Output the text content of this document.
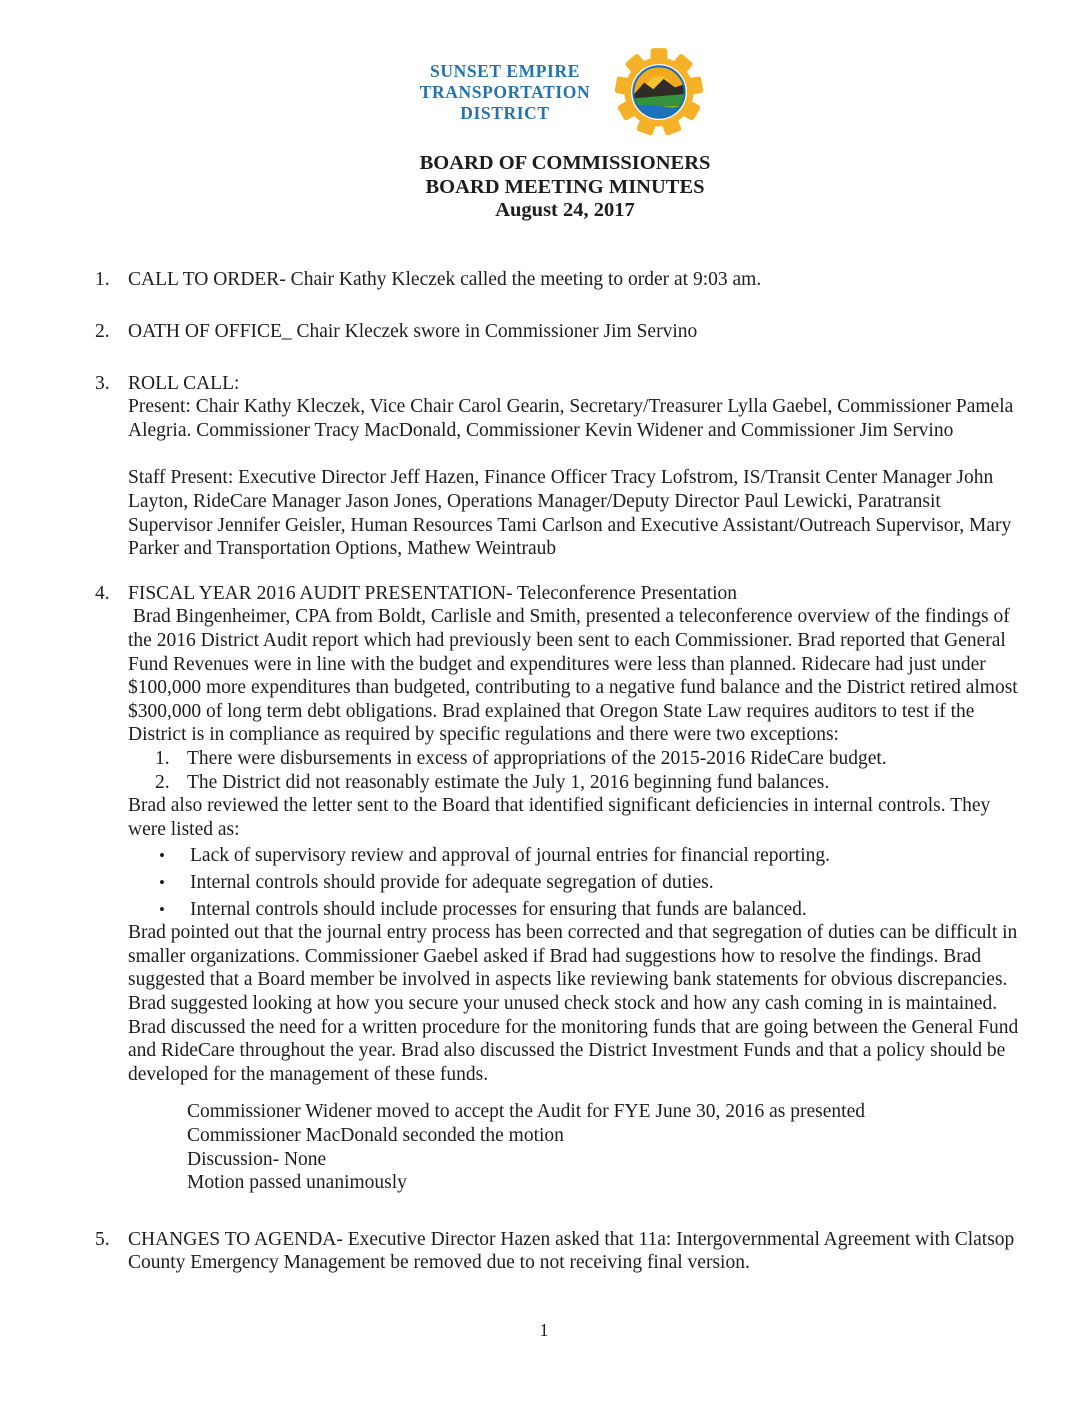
SUNSET EMPIRE
TRANSPORTATION
DISTRICT
BOARD OF COMMISSIONERS
BOARD MEETING MINUTES
August 24, 2017
1. CALL TO ORDER- Chair Kathy Kleczek called the meeting to order at 9:03 am.
2. OATH OF OFFICE_ Chair Kleczek swore in Commissioner Jim Servino
3. ROLL CALL:
Present: Chair Kathy Kleczek, Vice Chair Carol Gearin, Secretary/Treasurer Lylla Gaebel, Commissioner Pamela Alegria. Commissioner Tracy MacDonald, Commissioner Kevin Widener and Commissioner Jim Servino
Staff Present: Executive Director Jeff Hazen, Finance Officer Tracy Lofstrom, IS/Transit Center Manager John Layton, RideCare Manager Jason Jones, Operations Manager/Deputy Director Paul Lewicki, Paratransit Supervisor Jennifer Geisler, Human Resources Tami Carlson and Executive Assistant/Outreach Supervisor, Mary Parker and Transportation Options, Mathew Weintraub
4. FISCAL YEAR 2016 AUDIT PRESENTATION- Teleconference Presentation
Brad Bingenheimer, CPA from Boldt, Carlisle and Smith, presented a teleconference overview of the findings of the 2016 District Audit report which had previously been sent to each Commissioner. Brad reported that General Fund Revenues were in line with the budget and expenditures were less than planned. Ridecare had just under $100,000 more expenditures than budgeted, contributing to a negative fund balance and the District retired almost $300,000 of long term debt obligations. Brad explained that Oregon State Law requires auditors to test if the District is in compliance as required by specific regulations and there were two exceptions:
1. There were disbursements in excess of appropriations of the 2015-2016 RideCare budget.
2. The District did not reasonably estimate the July 1, 2016 beginning fund balances.
Brad also reviewed the letter sent to the Board that identified significant deficiencies in internal controls. They were listed as:
•	Lack of supervisory review and approval of journal entries for financial reporting.
•	Internal controls should provide for adequate segregation of duties.
•	Internal controls should include processes for ensuring that funds are balanced.
Brad pointed out that the journal entry process has been corrected and that segregation of duties can be difficult in smaller organizations. Commissioner Gaebel asked if Brad had suggestions how to resolve the findings. Brad suggested that a Board member be involved in aspects like reviewing bank statements for obvious discrepancies. Brad suggested looking at how you secure your unused check stock and how any cash coming in is maintained. Brad discussed the need for a written procedure for the monitoring funds that are going between the General Fund and RideCare throughout the year. Brad also discussed the District Investment Funds and that a policy should be developed for the management of these funds.
Commissioner Widener moved to accept the Audit for FYE June 30, 2016 as presented
Commissioner MacDonald seconded the motion
Discussion- None
Motion passed unanimously
5. CHANGES TO AGENDA- Executive Director Hazen asked that 11a: Intergovernmental Agreement with Clatsop County Emergency Management be removed due to not receiving final version.
1
